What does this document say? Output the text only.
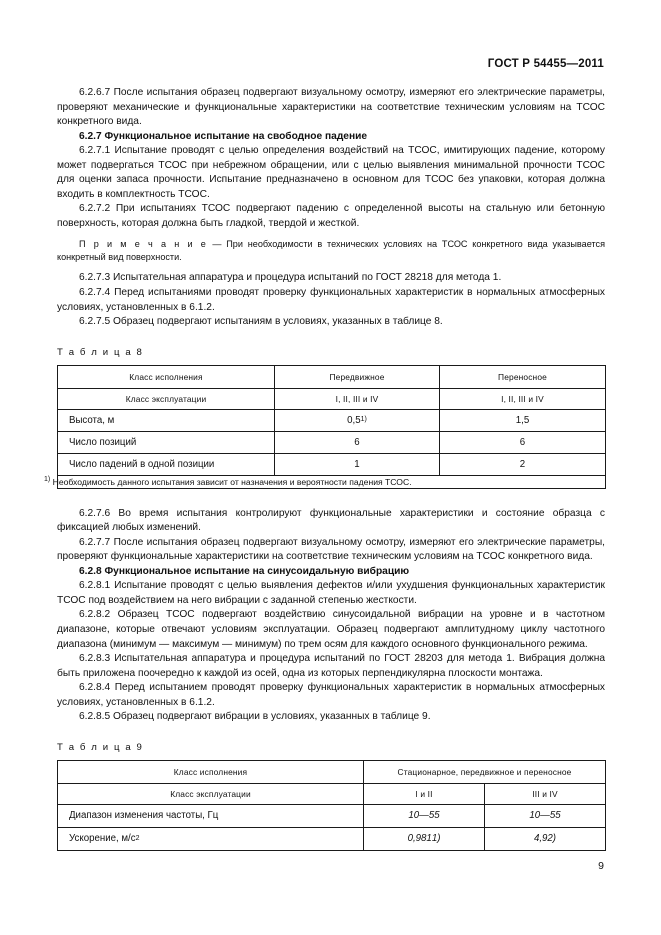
ГОСТ Р 54455—2011

6.2.6.7 После испытания образец подвергают визуальному осмотру, измеряют его электрические параметры, проверяют механические и функциональные характеристики на соответствие техническим условиям на ТСОС конкретного вида.

6.2.7 Функциональное испытание на свободное падение

6.2.7.1 Испытание проводят с целью определения воздействий на ТСОС, имитирующих падение, которому может подвергаться ТСОС при небрежном обращении, или с целью выявления минимальной прочности ТСОС для оценки запаса прочности. Испытание предназначено в основном для ТСОС без упаковки, которая должна входить в комплектность ТСОС.

6.2.7.2 При испытаниях ТСОС подвергают падению с определенной высоты на стальную или бетонную поверхность, которая должна быть гладкой, твердой и жесткой.

П р и м е ч а н и е — При необходимости в технических условиях на ТСОС конкретного вида указывается конкретный вид поверхности.

6.2.7.3 Испытательная аппаратура и процедура испытаний по ГОСТ 28218 для метода 1.

6.2.7.4 Перед испытаниями проводят проверку функциональных характеристик в нормальных атмосферных условиях, установленных в 6.1.2.

6.2.7.5 Образец подвергают испытаниям в условиях, указанных в таблице 8.

Т а б л и ц а 8

Класс исполнения	Передвижное	Переносное

Класс эксплуатации	I, II, III и IV	I, II, III и IV

Высота, м	0,5 1)	1,5

Число позиций	6	6

Число падений в одной позиции	1	2

$^{1)}$ Необходимость данного испытания зависит от назначения и вероятности падения ТСОС.		

6.2.7.6 Во время испытания контролируют функциональные характеристики и состояние образца с фиксацией любых изменений.

6.2.7.7 После испытания образец подвергают визуальному осмотру, измеряют его электрические параметры, проверяют функциональные характеристики на соответствие техническим условиям на ТСОС конкретного вида.

6.2.8 Функциональное испытание на синусоидальную вибрацию

6.2.8.1 Испытание проводят с целью выявления дефектов и/или ухудшения функциональных характеристик ТСОС под воздействием на него вибрации с заданной степенью жесткости.

6.2.8.2 Образец ТСОС подвергают воздействию синусоидальной вибрации на уровне и в частотном диапазоне, которые отвечают условиям эксплуатации. Образец подвергают амплитудному циклу частотного диапазона (минимум — максимум — минимум) по трем осям для каждого основного функционального режима.

6.2.8.3 Испытательная аппаратура и процедура испытаний по ГОСТ 28203 для метода 1. Вибрация должна быть приложена поочередно к каждой из осей, одна из которых перпендикулярна плоскости монтажа.

6.2.8.4 Перед испытанием проводят проверку функциональных характеристик в нормальных атмосферных условиях, установленных в 6.1.2.

6.2.8.5 Образец подвергают вибрации в условиях, указанных в таблице 9.

Т а б л и ц а 9

Класс исполнения	Стационарное, передвижное и переносное	

Класс эксплуатации	I и II	III и IV

Диапазон изменения частоты, Гц	10—55	10—55

Ускорение, м/с 2	0,981 1)	4,9 2)
9
